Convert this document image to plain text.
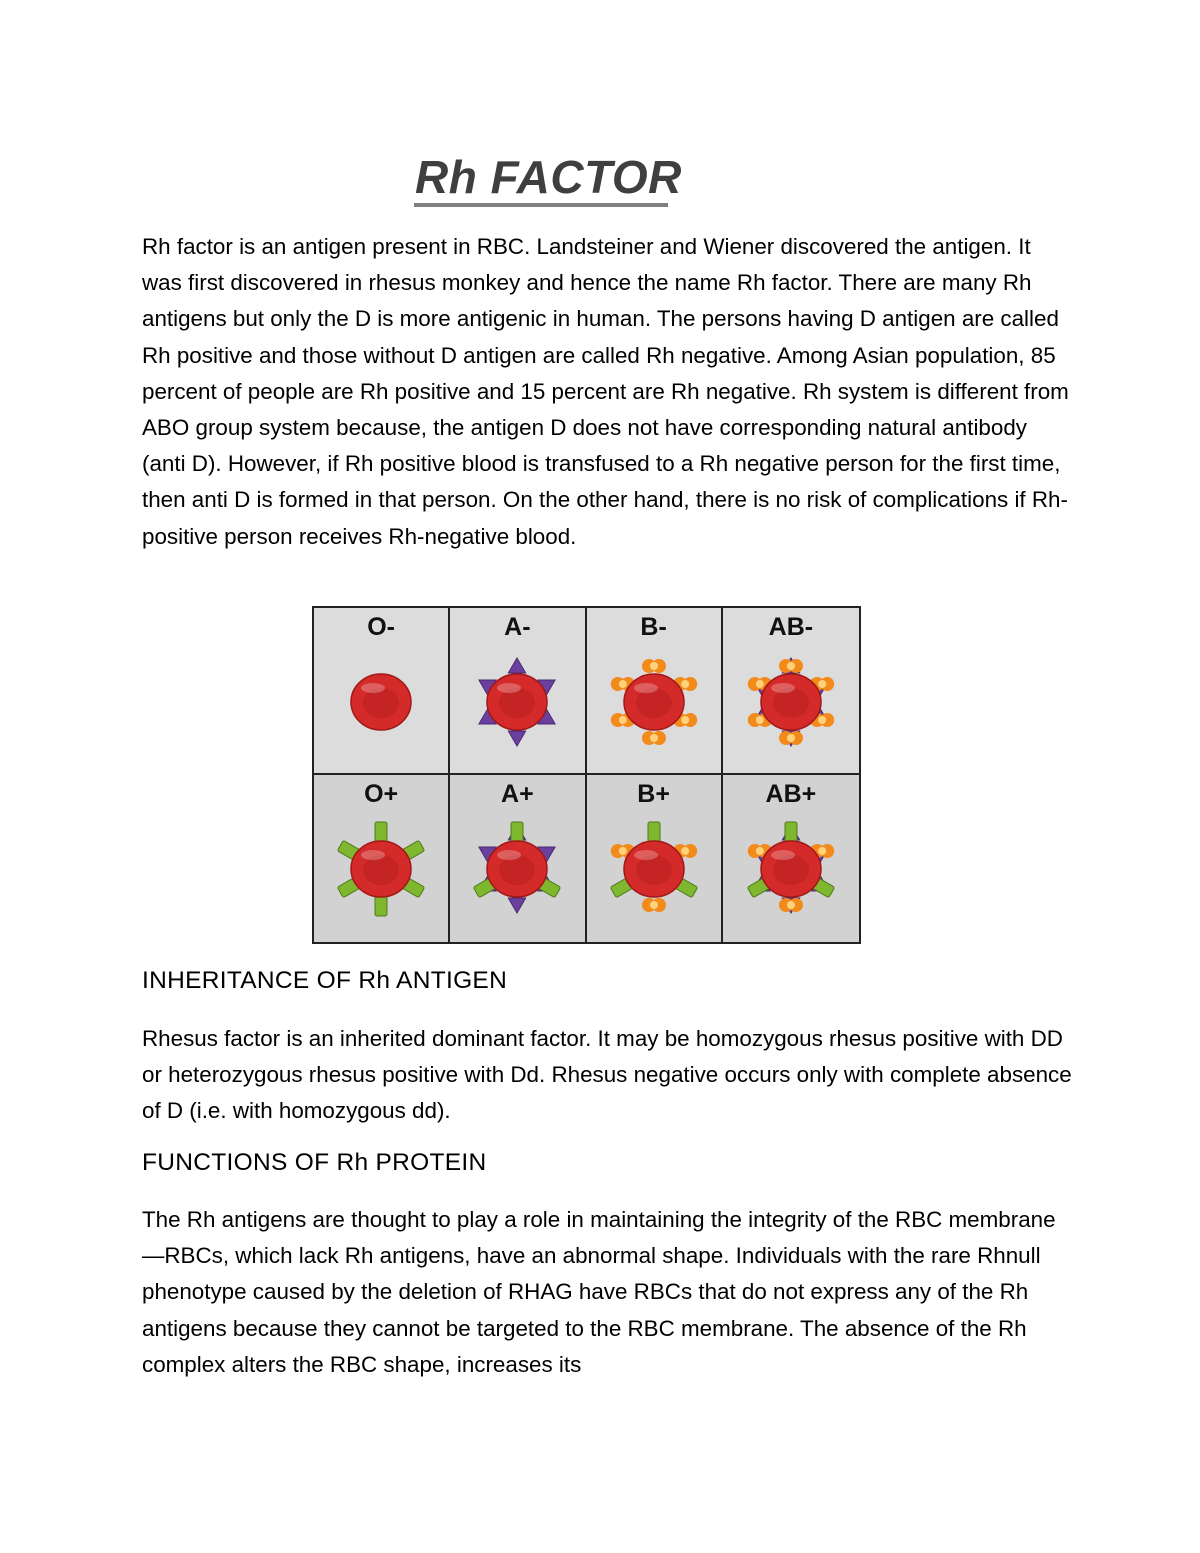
Rh FACTOR

Rh factor is an antigen present in RBC. Landsteiner and Wiener discovered the antigen. It was first discovered in rhesus monkey and hence the name Rh factor. There are many Rh antigens but only the D is more antigenic in human. The persons having D antigen are called Rh positive and those without D antigen are called Rh negative. Among Asian population, 85 percent of people are Rh positive and 15 percent are Rh negative. Rh system is different from ABO group system because, the antigen D does not have corresponding natural antibody (anti D). However, if Rh positive blood is transfused to a Rh negative person for the first time, then anti D is formed in that person. On the other hand, there is no risk of complications if Rh-positive person receives Rh-negative blood.

O-	A-	B-	AB-
O+	A+	B+	AB+
INHERITANCE OF Rh ANTIGEN

Rhesus factor is an inherited dominant factor. It may be homozygous rhesus positive with DD or heterozygous rhesus positive with Dd. Rhesus negative occurs only with complete absence of D (i.e. with homozygous dd).

FUNCTIONS OF Rh PROTEIN

The Rh antigens are thought to play a role in maintaining the integrity of the RBC membrane—RBCs, which lack Rh antigens, have an abnormal shape. Individuals with the rare Rhnull phenotype caused by the deletion of RHAG have RBCs that do not express any of the Rh antigens because they cannot be targeted to the RBC membrane. The absence of the Rh complex alters the RBC shape, increases its
